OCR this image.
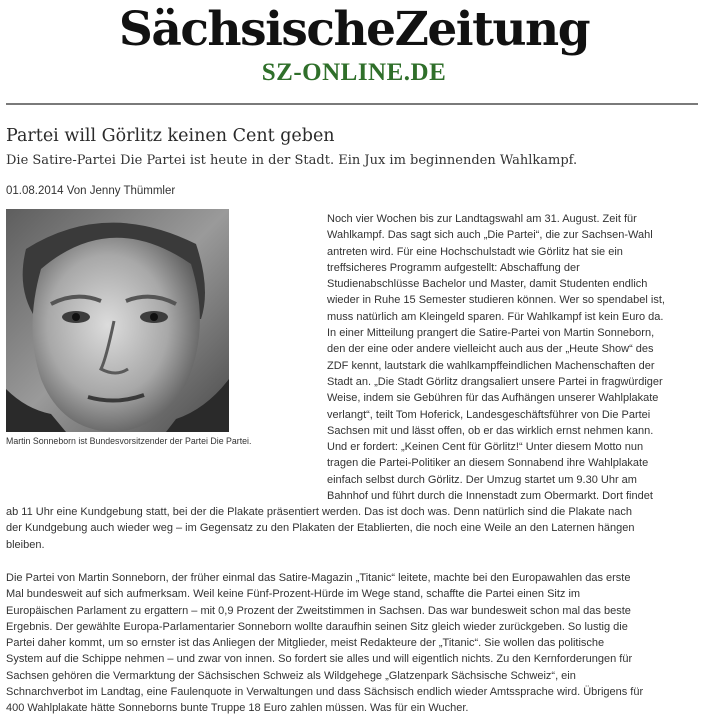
SächsischeZeitung
SZ-ONLINE.DE
Partei will Görlitz keinen Cent geben
Die Satire-Partei Die Partei ist heute in der Stadt. Ein Jux im beginnenden Wahlkampf.
01.08.2014 Von Jenny Thümmler
Martin Sonneborn ist Bundesvorsitzender der Partei Die Partei.
Noch vier Wochen bis zur Landtagswahl am 31. August. Zeit für
Wahlkampf. Das sagt sich auch „Die Partei“, die zur Sachsen-Wahl
antreten wird. Für eine Hochschulstadt wie Görlitz hat sie ein
treffsicheres Programm aufgestellt: Abschaffung der
Studienabschlüsse Bachelor und Master, damit Studenten endlich
wieder in Ruhe 15 Semester studieren können. Wer so spendabel ist,
muss natürlich am Kleingeld sparen. Für Wahlkampf ist kein Euro da.
In einer Mitteilung prangert die Satire-Partei von Martin Sonneborn,
den der eine oder andere vielleicht auch aus der „Heute Show“ des
ZDF kennt, lautstark die wahlkampffeindlichen Machenschaften der
Stadt an. „Die Stadt Görlitz drangsaliert unsere Partei in fragwürdiger
Weise, indem sie Gebühren für das Aufhängen unserer Wahlplakate
verlangt“, teilt Tom Hoferick, Landesgeschäftsführer von Die Partei
Sachsen mit und lässt offen, ob er das wirklich ernst nehmen kann.
Und er fordert: „Keinen Cent für Görlitz!“ Unter diesem Motto nun
tragen die Partei-Politiker an diesem Sonnabend ihre Wahlplakate
einfach selbst durch Görlitz. Der Umzug startet um 9.30 Uhr am
Bahnhof und führt durch die Innenstadt zum Obermarkt. Dort findet
ab 11 Uhr eine Kundgebung statt, bei der die Plakate präsentiert werden. Das ist doch was. Denn natürlich sind die Plakate nach
der Kundgebung auch wieder weg – im Gegensatz zu den Plakaten der Etablierten, die noch eine Weile an den Laternen hängen
bleiben.
Die Partei von Martin Sonneborn, der früher einmal das Satire-Magazin „Titanic“ leitete, machte bei den Europawahlen das erste
Mal bundesweit auf sich aufmerksam. Weil keine Fünf-Prozent-Hürde im Wege stand, schaffte die Partei einen Sitz im
Europäischen Parlament zu ergattern – mit 0,9 Prozent der Zweitstimmen in Sachsen. Das war bundesweit schon mal das beste
Ergebnis. Der gewählte Europa-Parlamentarier Sonneborn wollte daraufhin seinen Sitz gleich wieder zurückgeben. So lustig die
Partei daher kommt, um so ernster ist das Anliegen der Mitglieder, meist Redakteure der „Titanic“. Sie wollen das politische
System auf die Schippe nehmen – und zwar von innen. So fordert sie alles und will eigentlich nichts. Zu den Kernforderungen für
Sachsen gehören die Vermarktung der Sächsischen Schweiz als Wildgehege „Glatzenpark Sächsische Schweiz“, ein
Schnarchverbot im Landtag, eine Faulenquote in Verwaltungen und dass Sächsisch endlich wieder Amtssprache wird. Übrigens für
400 Wahlplakate hätte Sonneborns bunte Truppe 18 Euro zahlen müssen. Was für ein Wucher.
